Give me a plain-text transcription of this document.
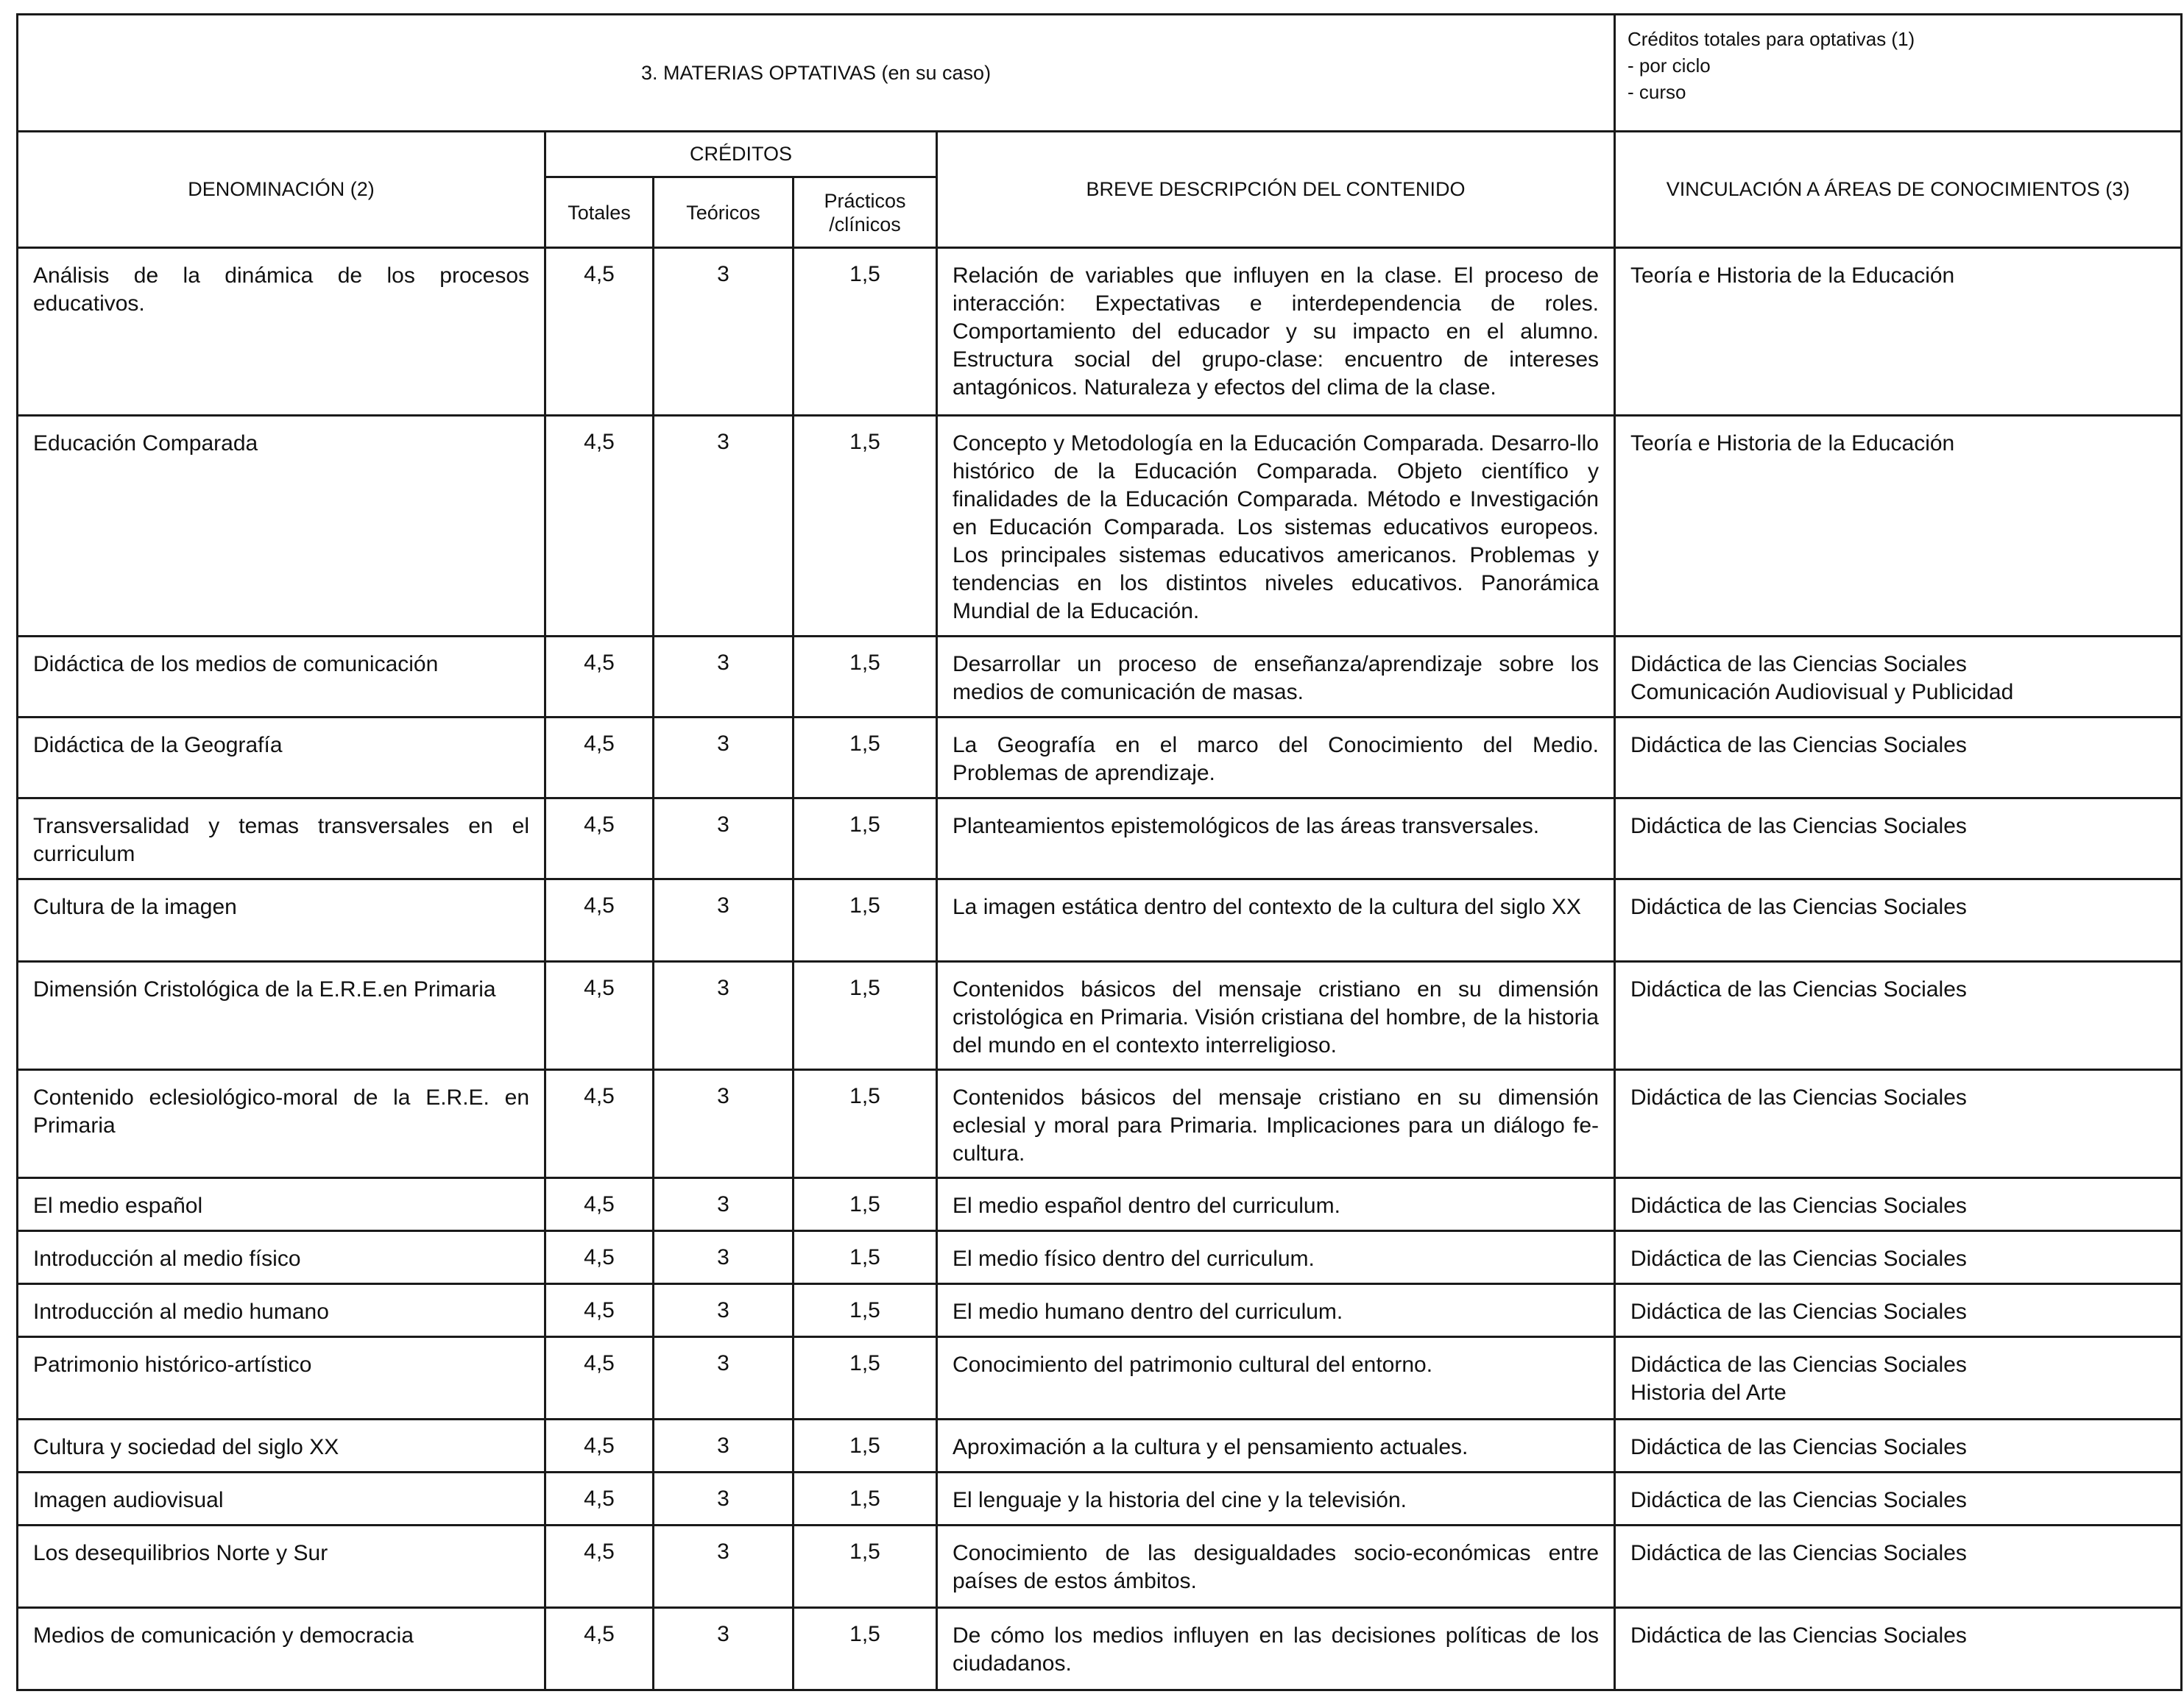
3. MATERIAS OPTATIVAS (en su caso)					Créditos totales para optativas (1)
- por ciclo
- curso

DENOMINACIÓN (2)	CRÉDITOS			BREVE DESCRIPCIÓN DEL CONTENIDO	VINCULACIÓN A ÁREAS DE CONOCIMIENTOS (3)
	Totales	Teóricos	Prácticos /clínicos		
Análisis de la dinámica de los procesos educativos.	4,5	3	1,5	Relación de variables que influyen en la clase. El proceso de interacción: Expectativas e interdependencia de roles. Comportamiento del educador y su impacto en el alumno. Estructura social del grupo-clase: encuentro de intereses antagónicos. Naturaleza y efectos del clima de la clase.	Teoría e Historia de la Educación

Educación Comparada	4,5	3	1,5	Concepto y Metodología en la Educación Comparada. Desarro-llo histórico de la Educación Comparada. Objeto científico y finalidades de la Educación Comparada. Método e Investigación en Educación Comparada. Los sistemas educativos europeos. Los principales sistemas educativos americanos. Problemas y tendencias en los distintos niveles educativos. Panorámica Mundial de la Educación.	Teoría e Historia de la Educación

Didáctica de los medios de comunicación	4,5	3	1,5	Desarrollar un proceso de enseñanza/aprendizaje sobre los medios de comunicación de masas.	Didáctica de las Ciencias Sociales
Comunicación Audiovisual y Publicidad

Didáctica de la Geografía	4,5	3	1,5	La Geografía en el marco del Conocimiento del Medio. Problemas de aprendizaje.	Didáctica de las Ciencias Sociales

Transversalidad y temas transversales en el curriculum	4,5	3	1,5	Planteamientos epistemológicos de las áreas transversales.	Didáctica de las Ciencias Sociales

Cultura de la imagen	4,5	3	1,5	La imagen estática dentro del contexto de la cultura del siglo XX	Didáctica de las Ciencias Sociales

Dimensión Cristológica de la E.R.E.en Primaria	4,5	3	1,5	Contenidos básicos del mensaje cristiano en su dimensión cristológica en Primaria. Visión cristiana del hombre, de la historia del mundo en el contexto interreligioso.	Didáctica de las Ciencias Sociales

Contenido eclesiológico-moral de la E.R.E. en Primaria	4,5	3	1,5	Contenidos básicos del mensaje cristiano en su dimensión eclesial y moral para Primaria. Implicaciones para un diálogo fe-cultura.	Didáctica de las Ciencias Sociales

El medio español	4,5	3	1,5	El medio español dentro del curriculum.	Didáctica de las Ciencias Sociales

Introducción al medio físico	4,5	3	1,5	El medio físico dentro del curriculum.	Didáctica de las Ciencias Sociales

Introducción al medio humano	4,5	3	1,5	El medio humano dentro del curriculum.	Didáctica de las Ciencias Sociales

Patrimonio histórico-artístico	4,5	3	1,5	Conocimiento del patrimonio cultural del entorno.	Didáctica de las Ciencias Sociales
Historia del Arte

Cultura y sociedad del siglo XX	4,5	3	1,5	Aproximación a la cultura y el pensamiento actuales.	Didáctica de las Ciencias Sociales

Imagen audiovisual	4,5	3	1,5	El lenguaje y la historia del cine y la televisión.	Didáctica de las Ciencias Sociales

Los desequilibrios Norte y Sur	4,5	3	1,5	Conocimiento de las desigualdades socio-económicas entre países de estos ámbitos.	Didáctica de las Ciencias Sociales

Medios de comunicación y democracia	4,5	3	1,5	De cómo los medios influyen en las decisiones políticas de los ciudadanos.	Didáctica de las Ciencias Sociales
